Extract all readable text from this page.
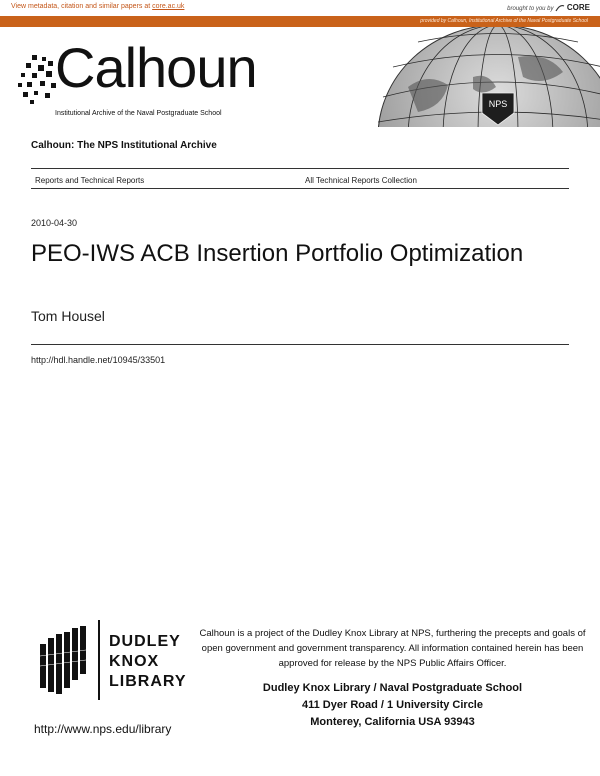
View metadata, citation and similar papers at core.ac.uk	brought to you by CORE
provided by Calhoun, Institutional Archive of the Naval Postgraduate School
Calhoun
Institutional Archive of the Naval Postgraduate School
NPS
Calhoun: The NPS Institutional Archive
Reports and Technical Reports	All Technical Reports Collection
2010-04-30
PEO-IWS ACB Insertion Portfolio Optimization
Tom Housel
http://hdl.handle.net/10945/33501
DUDLEY
KNOX
LIBRARY
Calhoun is a project of the Dudley Knox Library at NPS, furthering the precepts and goals of open government and government transparency. All information contained herein has been approved for release by the NPS Public Affairs Officer.
Dudley Knox Library / Naval Postgraduate School
411 Dyer Road / 1 University Circle
Monterey, California USA 93943
http://www.nps.edu/library
